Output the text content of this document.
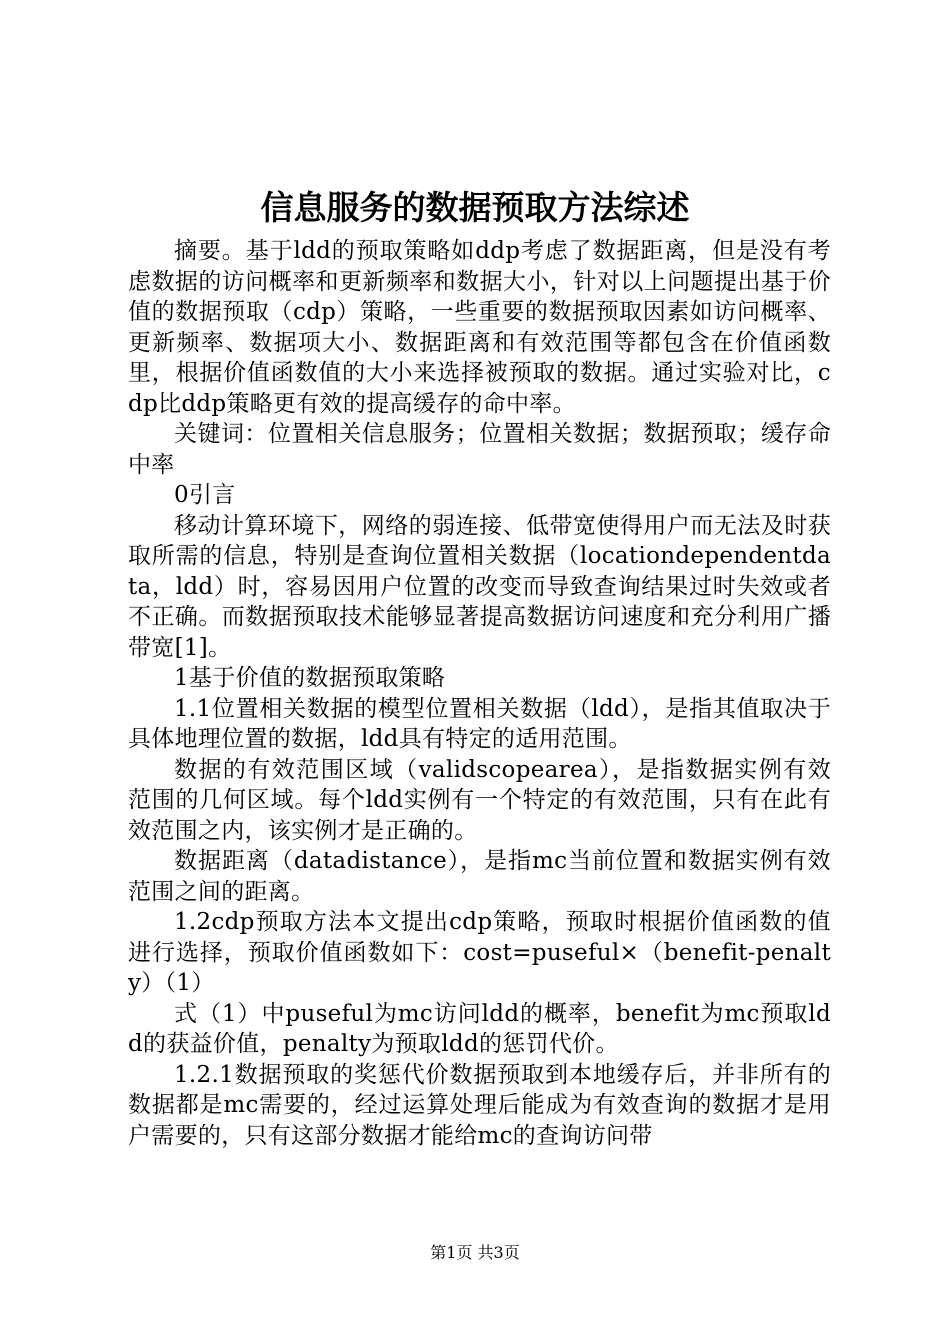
信息服务的数据预取方法综述

摘要。基于ldd的预取策略如ddp考虑了数据距离，但是没有考虑数据的访问概率和更新频率和数据大小，针对以上问题提出基于价值的数据预取（cdp）策略，一些重要的数据预取因素如访问概率、更新频率、数据项大小、数据距离和有效范围等都包含在价值函数里，根据价值函数值的大小来选择被预取的数据。通过实验对比，cdp比ddp策略更有效的提高缓存的命中率。

关键词：位置相关信息服务；位置相关数据；数据预取；缓存命中率

0引言

移动计算环境下，网络的弱连接、低带宽使得用户而无法及时获取所需的信息，特别是查询位置相关数据（locationdependentdata，ldd）时，容易因用户位置的改变而导致查询结果过时失效或者不正确。而数据预取技术能够显著提高数据访问速度和充分利用广播带宽[1]。

1基于价值的数据预取策略

1.1位置相关数据的模型位置相关数据（ldd），是指其值取决于具体地理位置的数据，ldd具有特定的适用范围。

数据的有效范围区域（validscopearea），是指数据实例有效范围的几何区域。每个ldd实例有一个特定的有效范围，只有在此有效范围之内，该实例才是正确的。

数据距离（datadistance），是指mc当前位置和数据实例有效范围之间的距离。

1.2cdp预取方法本文提出cdp策略，预取时根据价值函数的值进行选择，预取价值函数如下：cost=puseful×（benefit-penalty）（1）

式（1）中puseful为mc访问ldd的概率，benefit为mc预取ldd的获益价值，penalty为预取ldd的惩罚代价。

1.2.1数据预取的奖惩代价数据预取到本地缓存后，并非所有的数据都是mc需要的，经过运算处理后能成为有效查询的数据才是用户需要的，只有这部分数据才能给mc的查询访问带

第1页 共3页
